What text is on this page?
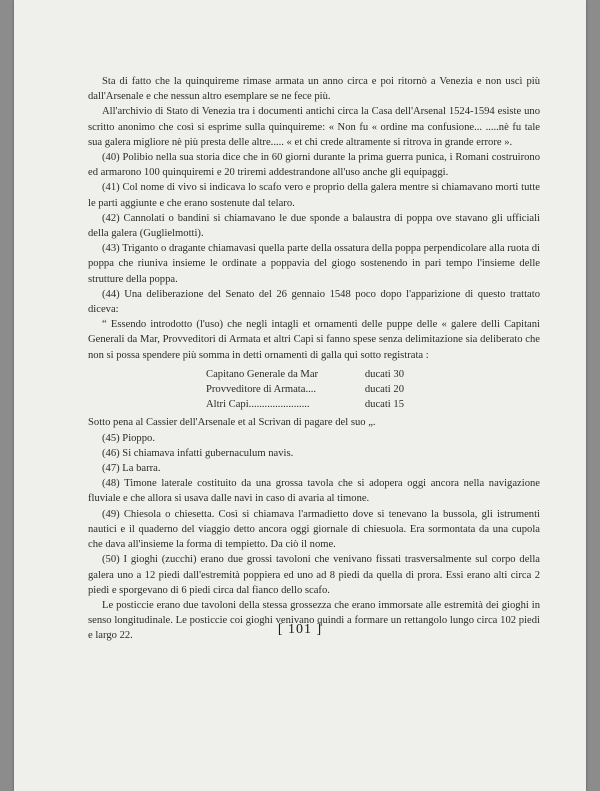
Sta di fatto che la quinquireme rimase armata un anno circa e poi ritornò a Venezia e non uscì più dall'Arsenale e che nessun altro esemplare se ne fece più.

All'archivio di Stato di Venezia tra i documenti antichi circa la Casa dell'Arsenal 1524-1594 esiste uno scritto anonimo che così si esprime sulla quinquireme: « Non fu « ordine ma confusione... .....nè fu tale sua galera migliore nè più presta delle altre..... « et chi crede altramente si ritrova in grande errore ».

(40) Polibio nella sua storia dice che in 60 giorni durante la prima guerra punica, i Romani costruirono ed armarono 100 quinquiremi e 20 triremi addestrandone all'uso anche gli equipaggi.

(41) Col nome di vivo si indicava lo scafo vero e proprio della galera mentre si chiamavano morti tutte le parti aggiunte e che erano sostenute dal telaro.

(42) Cannolati o bandini si chiamavano le due sponde a balaustra di poppa ove stavano gli ufficiali della galera (Guglielmotti).

(43) Triganto o dragante chiamavasi quella parte della ossatura della poppa perpendicolare alla ruota di poppa che riuniva insieme le ordinate a poppavia del giogo sostenendo in pari tempo l'insieme delle strutture della poppa.

(44) Una deliberazione del Senato del 26 gennaio 1548 poco dopo l'apparizione di questo trattato diceva:

“ Essendo introdotto (l'uso) che negli intagli et ornamenti delle puppe delle « galere delli Capitani Generali da Mar, Provveditori di Armata et altri Capi si fanno spese senza delimitazione sia deliberato che non si possa spendere più somma in detti ornamenti di galla qui sotto registrata :

Capitano Generale da Mar	ducati 30
Provveditore di Armata....	ducati 20
Altri Capi.......................	ducati 15

Sotto pena al Cassier dell'Arsenale et al Scrivan di pagare del suo „.

(45) Pioppo.

(46) Si chiamava infatti gubernaculum navis.

(47) La barra.

(48) Timone laterale costituito da una grossa tavola che si adopera oggi ancora nella navigazione fluviale e che allora si usava dalle navi in caso di avaria al timone.

(49) Chiesola o chiesetta. Così si chiamava l'armadietto dove si tenevano la bussola, gli istrumenti nautici e il quaderno del viaggio detto ancora oggi giornale di chiesuola. Era sormontata da una cupola che dava all'insieme la forma di tempietto. Da ciò il nome.

(50) I gioghi (zucchi) erano due grossi tavoloni che venivano fissati trasversalmente sul corpo della galera uno a 12 piedi dall'estremità poppiera ed uno ad 8 piedi da quella di prora. Essi erano alti circa 2 piedi e sporgevano di 6 piedi circa dal fianco dello scafo.

Le posticcie erano due tavoloni della stessa grossezza che erano immorsate alle estremità dei gioghi in senso longitudinale. Le posticcie coi gioghi venivano quindi a formare un rettangolo lungo circa 102 piedi e largo 22.	[ 101 ]
